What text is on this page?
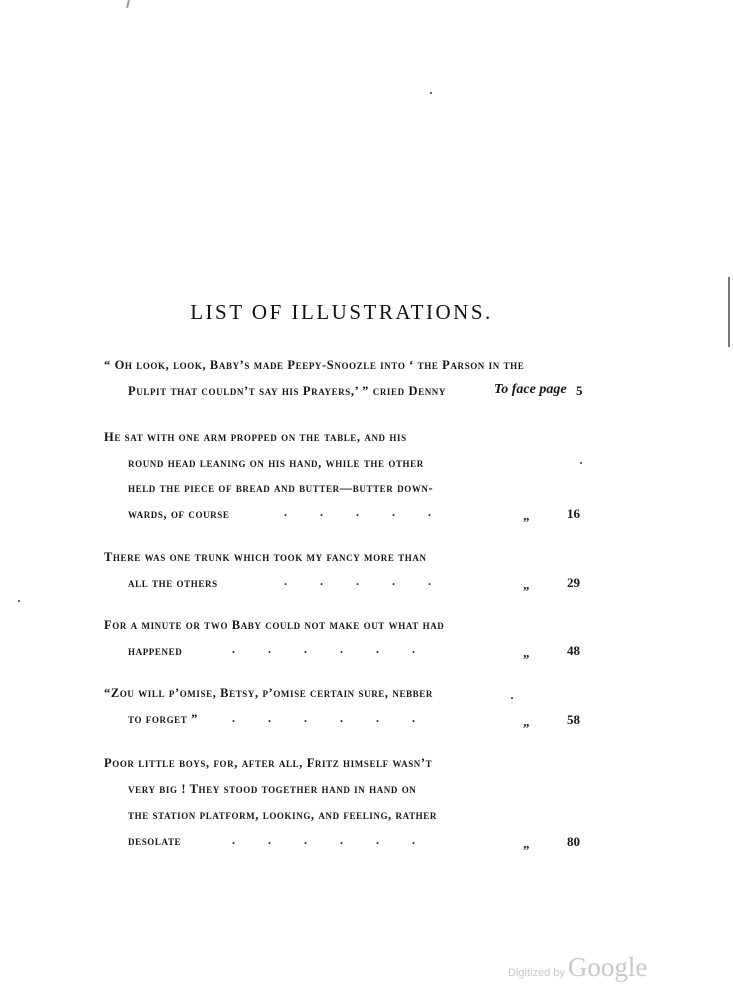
LIST OF ILLUSTRATIONS.
“ Oh look, look, Baby’s made Peepy-Snoozle into ‘ the Parson in the
Pulpit that couldn’t say his Prayers,’ ” cried Denny	To face page 5
He sat with one arm propped on the table, and his
round head leaning on his hand, while the other
held the piece of bread and butter—butter down-
wards, of course	.           .           .           .           .	„	16
There was one trunk which took my fancy more than
all the others	.           .           .           .           .	„	29
For a minute or two Baby could not make out what had
happened	.           .           .           .           .           .	„	48
“Zou will p’omise, Betsy, p’omise certain sure, nebber
to forget ”	.           .           .           .           .           .	„	58
Poor little boys, for, after all, Fritz himself wasn’t
very big ! They stood together hand in hand on
the station platform, looking, and feeling, rather
desolate	.           .           .           .           .           .	„	80
Digitized by Google
